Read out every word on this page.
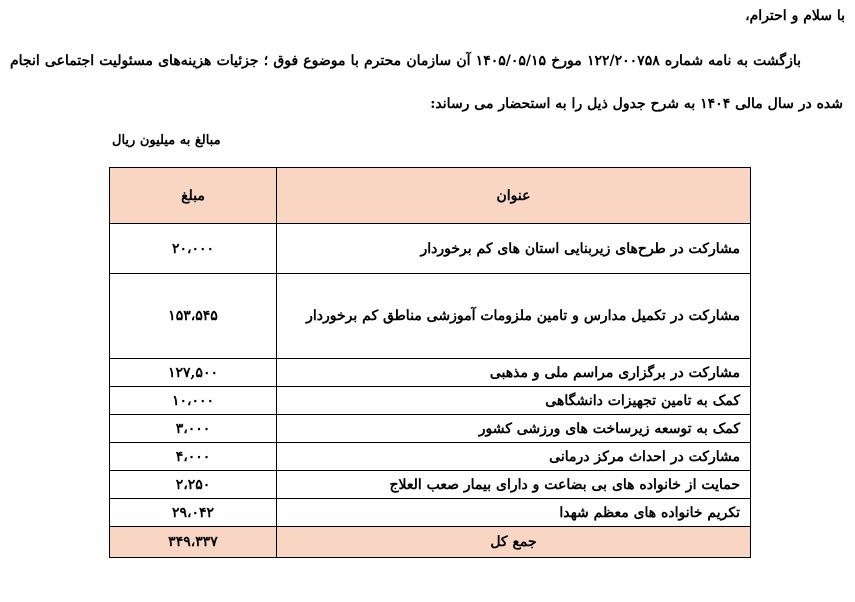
با سلام و احترام،

بازگشت به نامه شماره ۱۲۲/۲۰۰۷۵۸ مورخ ۱۴۰۵/۰۵/۱۵ آن سازمان محترم با موضوع فوق ؛ جزئیات هزینه‌های مسئولیت اجتماعی انجام شده در سال مالی ۱۴۰۴ به شرح جدول ذیل را به استحضار می رساند:

مبالغ به میلیون ریال

عنوان	مبلغ
مشارکت در طرح‌های زیربنایی استان های کم برخوردار	۲۰،۰۰۰
مشارکت در تکمیل مدارس و تامین ملزومات آموزشی مناطق کم برخوردار	۱۵۳،۵۴۵
مشارکت در برگزاری مراسم ملی و مذهبی	۱۲۷,۵۰۰
کمک به تامین تجهیزات دانشگاهی	۱۰،۰۰۰
کمک به توسعه زیرساخت های ورزشی کشور	۳،۰۰۰
مشارکت در احداث مرکز درمانی	۴،۰۰۰
حمایت از خانواده های بی بضاعت و دارای بیمار صعب العلاج	۲،۲۵۰
تکریم خانواده های معظم شهدا	۲۹،۰۴۲
جمع کل	۳۴۹،۳۳۷
